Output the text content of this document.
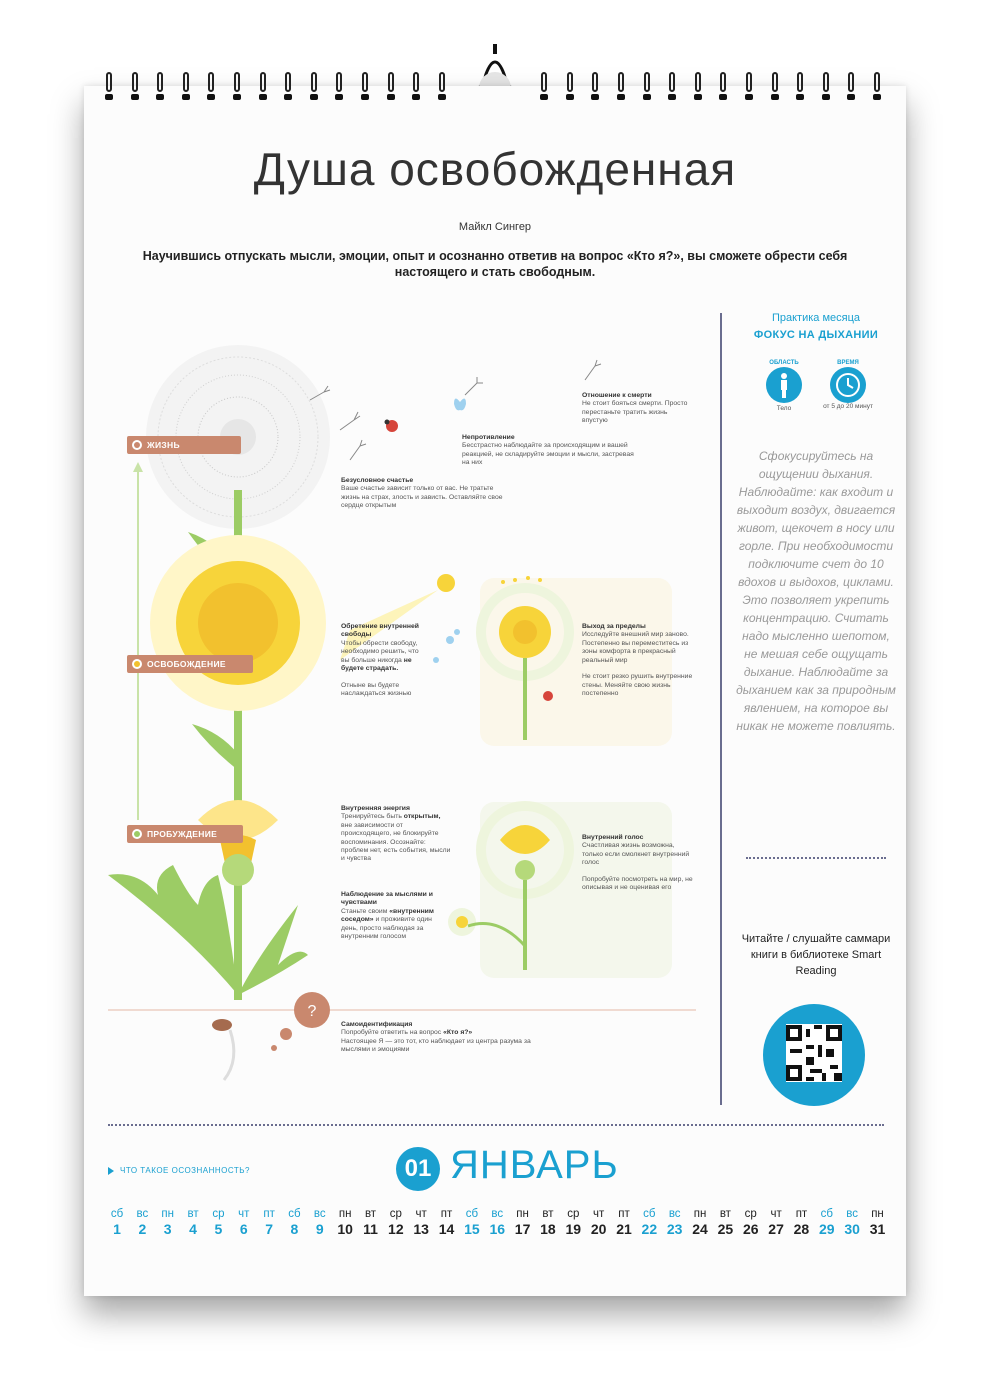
Душа освобожденная
Майкл Сингер
Научившись отпускать мысли, эмоции, опыт и осознанно ответив на вопрос «Кто я?», вы сможете обрести себя настоящего и стать свободным.
?
ЖИЗНЬ
ОСВОБОЖДЕНИЕ
ПРОБУЖДЕНИЕ
Отношение к смерти
Не стоит бояться смерти. Просто перестаньте тратить жизнь впустую
Непротивление
Бесстрастно наблюдайте за происходящим и вашей реакцией, не складируйте эмоции и мысли, застревая на них
Безусловное счастье
Ваше счастье зависит только от вас. Не тратьте жизнь на страх, злость и зависть. Оставляйте свое сердце открытым
Обретение внутренней свободы
Чтобы обрести свободу, необходимо решить, что вы больше никогда не будете страдать.

Отныне вы будете наслаждаться жизнью
Выход за пределы
Исследуйте внешний мир заново. Постепенно вы переместитесь из зоны комфорта в прекрасный реальный мир

Не стоит резко рушить внутренние стены. Меняйте свою жизнь постепенно
Внутренняя энергия
Тренируйтесь быть открытым, вне зависимости от происходящего, не блокируйте воспоминания. Осознайте: проблем нет, есть события, мысли и чувства
Наблюдение за мыслями и чувствами
Станьте своим «внутренним соседом» и проживите один день, просто наблюдая за внутренним голосом
Внутренний голос
Счастливая жизнь возможна, только если смолкнет внутренний голос

Попробуйте посмотреть на мир, не описывая и не оценивая его
Самоидентификация
Попробуйте ответить на вопрос «Кто я?»
Настоящее Я — это тот, кто наблюдает из центра разума за мыслями и эмоциями
Практика месяца
ФОКУС НА ДЫХАНИИ
ОБЛАСТЬ
Тело
ВРЕМЯ
от 5 до 20 минут
Сфокусируйтесь на ощущении дыхания. Наблюдайте: как входит и выходит воздух, двигается живот, щекочет в носу или горле. При необходимости подключите счет до 10 вдохов и выдохов, циклами. Это позволяет укрепить концентрацию. Считать надо мысленно шепотом, не мешая себе ощущать дыхание. Наблюдайте за дыханием как за природным явлением, на которое вы никак не можете повлиять.
Читайте / слушайте саммари книги в библиотеке Smart Reading
ЧТО ТАКОЕ ОСОЗНАННОСТЬ?	01 ЯНВАРЬ
сб
1
вс
2
пн
3
вт
4
ср
5
чт
6
пт
7
сб
8
вс
9
пн
10
вт
11
ср
12
чт
13
пт
14
сб
15
вс
16
пн
17
вт
18
ср
19
чт
20
пт
21
сб
22
вс
23
пн
24
вт
25
ср
26
чт
27
пт
28
сб
29
вс
30
пн
31
